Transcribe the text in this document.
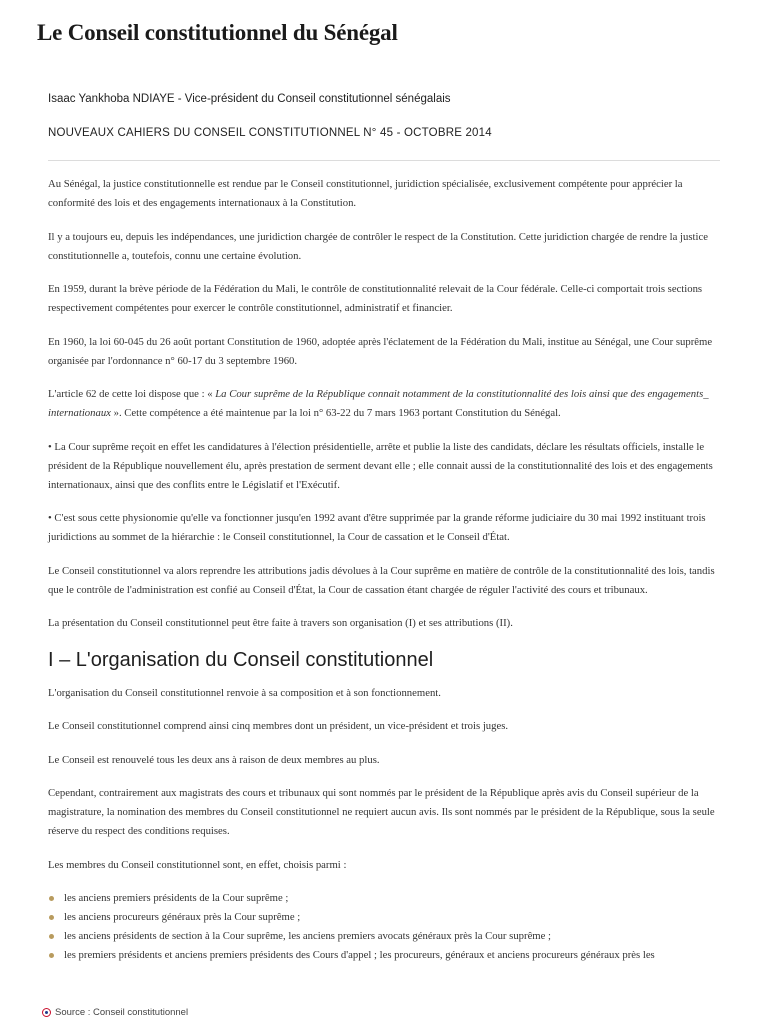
Le Conseil constitutionnel du Sénégal
Isaac Yankhoba NDIAYE - Vice-président du Conseil constitutionnel sénégalais
NOUVEAUX CAHIERS DU CONSEIL CONSTITUTIONNEL N° 45 - OCTOBRE 2014

Au Sénégal, la justice constitutionnelle est rendue par le Conseil constitutionnel, juridiction spécialisée, exclusivement compétente pour apprécier la conformité des lois et des engagements internationaux à la Constitution.

Il y a toujours eu, depuis les indépendances, une juridiction chargée de contrôler le respect de la Constitution. Cette juridiction chargée de rendre la justice constitutionnelle a, toutefois, connu une certaine évolution.

En 1959, durant la brève période de la Fédération du Mali, le contrôle de constitutionnalité relevait de la Cour fédérale. Celle-ci comportait trois sections respectivement compétentes pour exercer le contrôle constitutionnel, administratif et financier.

En 1960, la loi 60-045 du 26 août portant Constitution de 1960, adoptée après l'éclatement de la Fédération du Mali, institue au Sénégal, une Cour suprême organisée par l'ordonnance n° 60-17 du 3 septembre 1960.

L'article 62 de cette loi dispose que : « La Cour suprême de la République connait notamment de la constitutionnalité des lois ainsi que des engagements_ internationaux ». Cette compétence a été maintenue par la loi n° 63-22 du 7 mars 1963 portant Constitution du Sénégal.

• La Cour suprême reçoit en effet les candidatures à l'élection présidentielle, arrête et publie la liste des candidats, déclare les résultats officiels, installe le président de la République nouvellement élu, après prestation de serment devant elle ; elle connait aussi de la constitutionnalité des lois et des engagements internationaux, ainsi que des conflits entre le Législatif et l'Exécutif.

• C'est sous cette physionomie qu'elle va fonctionner jusqu'en 1992 avant d'être supprimée par la grande réforme judiciaire du 30 mai 1992 instituant trois juridictions au sommet de la hiérarchie : le Conseil constitutionnel, la Cour de cassation et le Conseil d'État.

Le Conseil constitutionnel va alors reprendre les attributions jadis dévolues à la Cour suprême en matière de contrôle de la constitutionnalité des lois, tandis que le contrôle de l'administration est confié au Conseil d'État, la Cour de cassation étant chargée de réguler l'activité des cours et tribunaux.

La présentation du Conseil constitutionnel peut être faite à travers son organisation (I) et ses attributions (II).

I – L'organisation du Conseil constitutionnel

L'organisation du Conseil constitutionnel renvoie à sa composition et à son fonctionnement.

Le Conseil constitutionnel comprend ainsi cinq membres dont un président, un vice-président et trois juges.

Le Conseil est renouvelé tous les deux ans à raison de deux membres au plus.

Cependant, contrairement aux magistrats des cours et tribunaux qui sont nommés par le président de la République après avis du Conseil supérieur de la magistrature, la nomination des membres du Conseil constitutionnel ne requiert aucun avis. Ils sont nommés par le président de la République, sous la seule réserve du respect des conditions requises.

Les membres du Conseil constitutionnel sont, en effet, choisis parmi :

les anciens premiers présidents de la Cour suprême ;
les anciens procureurs généraux près la Cour suprême ;
les anciens présidents de section à la Cour suprême, les anciens premiers avocats généraux près la Cour suprême ;
les premiers présidents et anciens premiers présidents des Cours d'appel ; les procureurs, généraux et anciens procureurs généraux près les
Source : Conseil constitutionnel
